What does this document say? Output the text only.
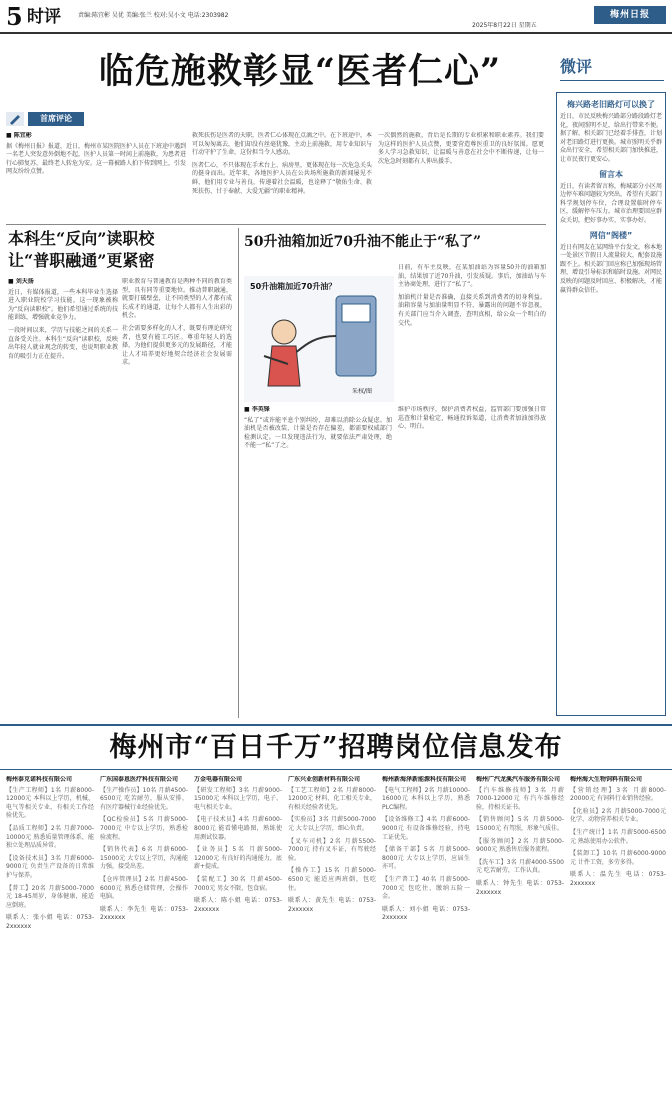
5 时评	责编:陈宜彬 吴优 美编:张兰 校对:吴小文 电话:2303982	梅州日报
2025年8月22日 星期五
临危施救彰显“医者仁心”
首席评论
■ 陈宜彬

据《梅州日报》报道，近日，梅州市某医院医护人员在下班途中遇到一名老人突发意外倒地不起，医护人员第一时间上前施救，为患者进行心肺复苏，最终老人转危为安。这一幕被路人拍下传到网上，引发网友纷纷点赞。

救死扶伤是医者的天职，医者仁心体现在点滴之中。在下班途中，本可以匆匆离去，他们却没有丝毫犹豫，主动上前施救，用专业知识与行动守护了生命，这份担当令人感动。

医者仁心，不只体现在手术台上、病房里，更体现在每一次危急关头的挺身而出。近年来，各地医护人员在公共场所施救的新闻屡见不鲜，他们用专业与善良，传递着社会温暖，也诠释了“敬佑生命、救死扶伤、甘于奉献、大爱无疆”的职业精神。

一次偶然的施救，背后是长期的专业积累和职业素养。我们要为这样的医护人员点赞，更要营造尊医重卫的良好氛围。愿更多人学习急救知识，让温暖与善意在社会中不断传递，让每一次危急时刻都有人伸出援手。

微评
梅兴路老旧路灯可以换了

近日，市民反映梅兴路部分路段路灯老化，夜间照明不足，给出行带来不便。据了解，相关部门已经着手排查，计划对老旧路灯进行更换。城市照明关乎群众出行安全，希望相关部门加快推进，让市民夜行更安心。

留言本

近日，有读者留言称，梅城部分小区周边停车难问题较为突出，希望有关部门科学规划停车位，合理设置临时停车区，缓解停车压力。城市治理要回应群众关切，把好事办实、实事办好。

网信“阁楼”

近日有网友在某网络平台发文，称本地一处景区节假日人流量较大，配套设施跟不上。相关部门回应称已加强现场管理，增设引导标识和临时设施。对网民反映的问题及时回应、积极解决，才能赢得群众信任。

本科生“反向”读职校
让“普职融通”更紧密
■ 刘天扬

近日，有媒体报道，一些本科毕业生选择进入职业院校学习技能，这一现象被称为“反向读职校”。他们希望通过系统的技能训练，增强就业竞争力。

一段时间以来，学历与技能之间的关系一直备受关注。本科生“反向”读职校，反映出年轻人就业观念的转变，也说明职业教育的吸引力正在提升。

职业教育与普通教育是两种不同的教育类型，具有同等重要地位。推动普职融通，就要打破壁垒，让不同类型的人才都有成长成才的通道，让每个人都有人生出彩的机会。

社会需要多样化的人才，既要有理论研究者，也要有能工巧匠。尊重年轻人的选择，为他们提供更多元的发展路径，才能让人才培养更好地契合经济社会发展需求。

50升油箱加近70升油不能止于“私了”
50升油箱加近70升油？
朱权/图

日前，有车主反映，在某加油站为容量50升的油箱加油，结果加了近70升油，引发质疑。事后，加油站与车主协商处理，进行了“私了”。

加油机计量是否准确，直接关系到消费者的切身利益。油箱容量与加油量明显不符，暴露出的问题不容忽视，有关部门应当介入调查，查明真相，给公众一个明白的交代。

■ 李英锋

“私了”或许能平息个别纠纷，却难以消除公众疑虑。加油机是否被改装、计量是否存在偏差，都需要权威部门检测认定。一旦发现违法行为，就要依法严肃处理，绝不能一“私”了之。

维护市场秩序，保护消费者权益，监管部门要加强日常巡查和计量检定，畅通投诉渠道，让消费者加油加得放心、明白。

梅州市“百日千万”招聘岗位信息发布
梅州泰克诺科技有限公司

【生产工程师】1名 月薪8000-12000元 本科以上学历，机械、电气等相关专业，有相关工作经验优先。

【品质工程师】2名 月薪7000-10000元 熟悉质量管理体系，能独立处理品质异常。

【设备技术员】3名 月薪6000-9000元 负责生产设备的日常维护与保养。

【普工】20名 月薪5000-7000元 18-45周岁，身体健康，能适应倒班。

联系人：张小姐 电话：0753-2xxxxxx

广东国泰恩医疗科技有限公司

【生产操作员】10名 月薪4500-6500元 吃苦耐劳，服从安排，有医疗器械行业经验优先。

【QC检验员】5名 月薪5000-7000元 中专以上学历，熟悉检验流程。

【销售代表】6名 月薪6000-15000元 大专以上学历，沟通能力强，接受出差。

【仓库管理员】2名 月薪4500-6000元 熟悉仓储管理，会操作电脑。

联系人：李先生 电话：0753-2xxxxxx

万金电器有限公司

【研发工程师】3名 月薪9000-15000元 本科以上学历，电子、电气相关专业。

【电子技术员】4名 月薪6000-8000元 能看懂电路图，熟练使用测试仪器。

【业务员】5名 月薪5000-12000元 有良好的沟通能力，底薪+提成。

【装配工】30名 月薪4500-7000元 男女不限，包食宿。

联系人：陈小姐 电话：0753-2xxxxxx

广东兴业创新材料有限公司

【工艺工程师】2名 月薪8000-12000元 材料、化工相关专业，有相关经验者优先。

【实验员】3名 月薪5000-7000元 大专以上学历，细心负责。

【叉车司机】2名 月薪5500-7000元 持有叉车证，有驾驶经验。

【操作工】15名 月薪5000-6500元 能适应两班倒，包吃住。

联系人：黄先生 电话：0753-2xxxxxx

梅州新海泽新能源科技有限公司

【电气工程师】2名 月薪10000-16000元 本科以上学历，熟悉PLC编程。

【设备维修工】4名 月薪6000-9000元 有设备维修经验，持电工证优先。

【储备干部】5名 月薪5000-8000元 大专以上学历，应届生亦可。

【生产普工】40名 月薪5000-7000元 包吃住，缴纳五险一金。

联系人：刘小姐 电话：0753-2xxxxxx

梅州广汽龙溪汽车服务有限公司

【汽车维修技师】3名 月薪7000-12000元 有汽车维修经验，持相关证书。

【销售顾问】5名 月薪5000-15000元 有驾照，形象气质佳。

【服务顾问】2名 月薪5000-9000元 熟悉售后服务流程。

【洗车工】3名 月薪4000-5500元 吃苦耐劳，工作认真。

联系人：钟先生 电话：0753-2xxxxxx

梅州海大生物饲料有限公司

【营销经理】3名 月薪8000-20000元 有饲料行业销售经验。

【化验员】2名 月薪5000-7000元 化学、动物营养相关专业。

【生产统计】1名 月薪5000-6500元 熟练使用办公软件。

【装卸工】10名 月薪6000-9000元 计件工资，多劳多得。

联系人：温先生 电话：0753-2xxxxxx
